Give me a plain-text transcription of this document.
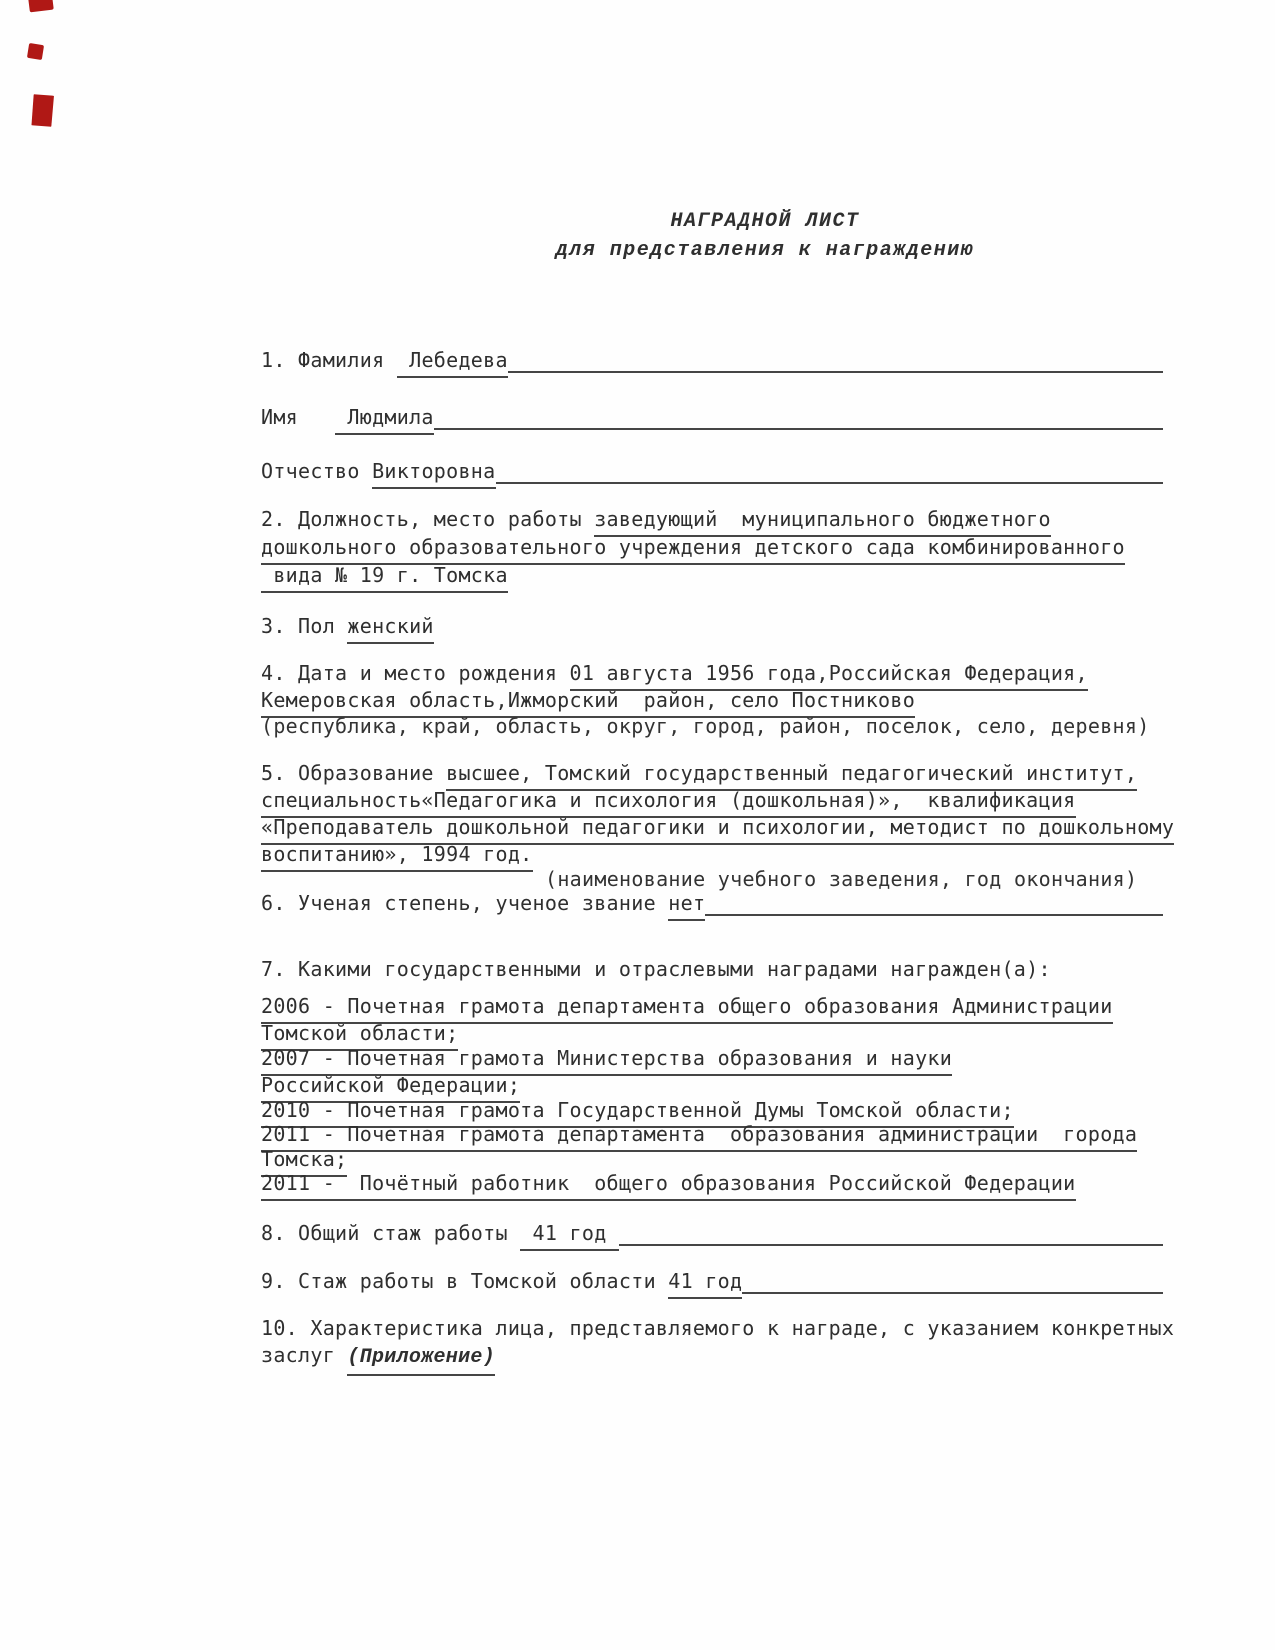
НАГРАДНОЙ ЛИСТ
для представления к награждению
1. Фамилия Лебедева
Имя Людмила
Отчество Викторовна
2. Должность, место работы заведующий  муниципального бюджетного
дошкольного образовательного учреждения детского сада комбинированного
вида № 19 г. Томска
3. Пол женский
4. Дата и место рождения 01 августа 1956 года,Российская Федерация,
Кемеровская область,Ижморский  район, село Постниково
(республика, край, область, округ, город, район, поселок, село, деревня)
5. Образование высшее, Томский государственный педагогический институт,
специальность«Педагогика и психология (дошкольная)»,  квалификация
«Преподаватель дошкольной педагогики и психологии, методист по дошкольному
воспитанию», 1994 год.
(наименование учебного заведения, год окончания)
6. Ученая степень, ученое звание нет
7. Какими государственными и отраслевыми наградами награжден(а):
2006 - Почетная грамота департамента общего образования Администрации
Томской области;
2007 - Почетная грамота Министерства образования и науки
Российской Федерации;
2010 - Почетная грамота Государственной Думы Томской области;
2011 - Почетная грамота департамента  образования администрации  города
Томска;
2011 -  Почётный работник  общего образования Российской Федерации
8. Общий стаж работы 41 год
9. Стаж работы в Томской области 41 год
10. Характеристика лица, представляемого к награде, с указанием конкретных
заслуг (Приложение)
